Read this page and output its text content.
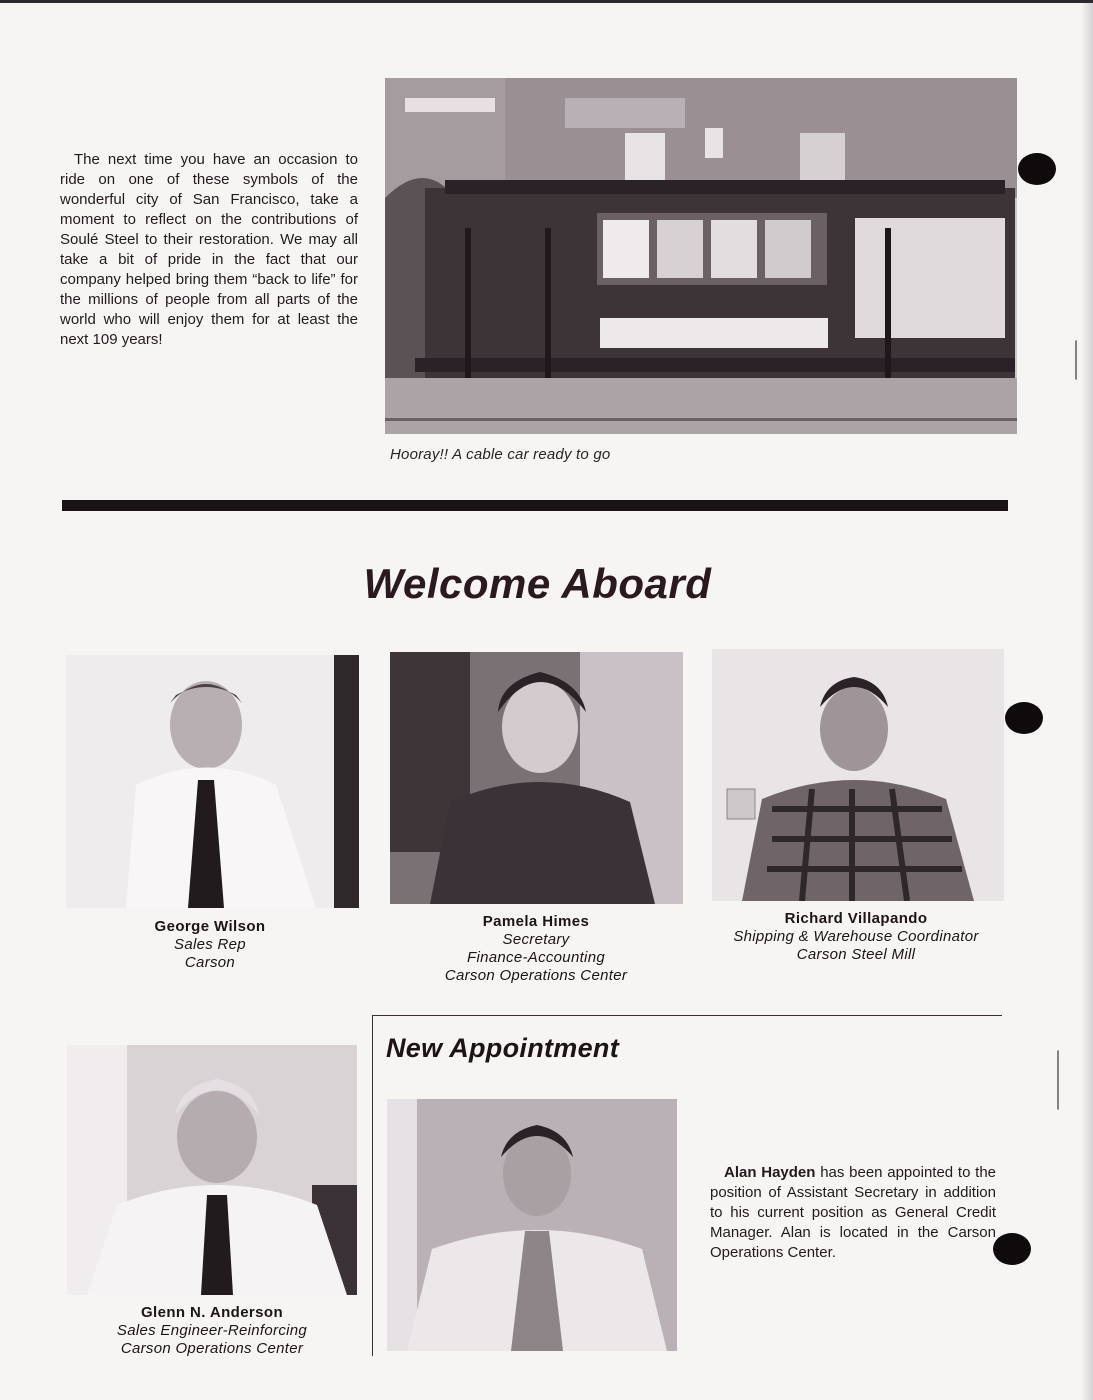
The next time you have an occasion to ride on one of these symbols of the wonderful city of San Francisco, take a moment to reflect on the contributions of Soulé Steel to their restoration. We may all take a bit of pride in the fact that our company helped bring them “back to life” for the millions of people from all parts of the world who will enjoy them for at least the next 109 years!

Hooray!! A cable car ready to go

Welcome Aboard
George Wilson
Sales Rep
Carson
Pamela Himes
Secretary
Finance-Accounting
Carson Operations Center
Richard Villapando
Shipping & Warehouse Coordinator
Carson Steel Mill
Glenn N. Anderson
Sales Engineer-Reinforcing
Carson Operations Center
New Appointment

Alan Hayden has been appointed to the position of Assistant Secretary in addition to his current position as General Credit Manager. Alan is located in the Carson Operations Center.
